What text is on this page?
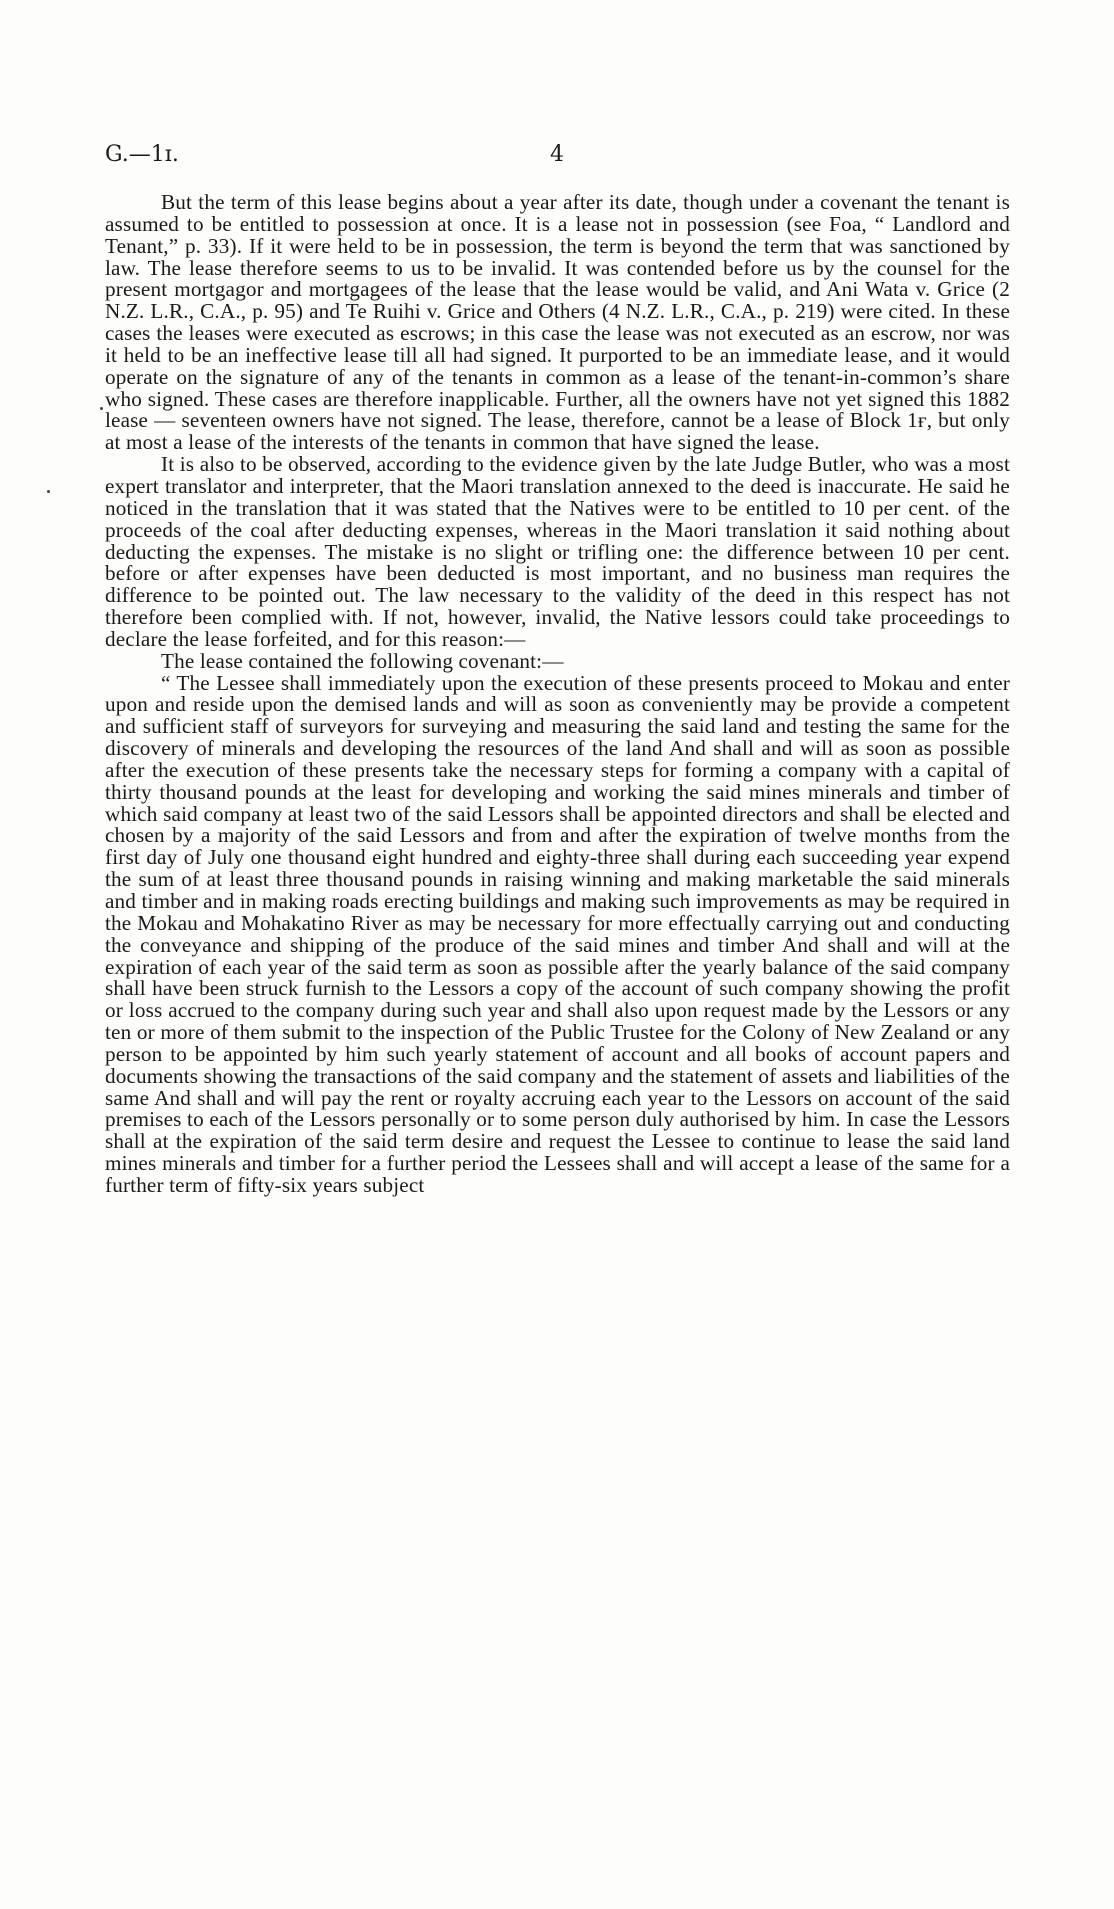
G.—1ɪ.	4

But the term of this lease begins about a year after its date, though under a covenant the tenant is assumed to be entitled to possession at once. It is a lease not in possession (see Foa, “ Landlord and Tenant,” p. 33). If it were held to be in possession, the term is beyond the term that was sanctioned by law. The lease therefore seems to us to be invalid. It was contended before us by the counsel for the present mortgagor and mortgagees of the lease that the lease would be valid, and Ani Wata v. Grice (2 N.Z. L.R., C.A., p. 95) and Te Ruihi v. Grice and Others (4 N.Z. L.R., C.A., p. 219) were cited. In these cases the leases were executed as escrows; in this case the lease was not executed as an escrow, nor was it held to be an ineffective lease till all had signed. It purported to be an immediate lease, and it would operate on the signature of any of the tenants in common as a lease of the tenant-in-common’s share who signed. These cases are therefore inapplicable. Further, all the owners have not yet signed this 1882 lease — seventeen owners have not signed. The lease, therefore, cannot be a lease of Block 1ғ, but only at most a lease of the interests of the tenants in common that have signed the lease.

It is also to be observed, according to the evidence given by the late Judge Butler, who was a most expert translator and interpreter, that the Maori translation annexed to the deed is inaccurate. He said he noticed in the translation that it was stated that the Natives were to be entitled to 10 per cent. of the proceeds of the coal after deducting expenses, whereas in the Maori translation it said nothing about deducting the expenses. The mistake is no slight or trifling one: the difference between 10 per cent. before or after expenses have been deducted is most important, and no business man requires the difference to be pointed out. The law necessary to the validity of the deed in this respect has not therefore been complied with. If not, however, invalid, the Native lessors could take proceedings to declare the lease forfeited, and for this reason:—

The lease contained the following covenant:—

“ The Lessee shall immediately upon the execution of these presents proceed to Mokau and enter upon and reside upon the demised lands and will as soon as conveniently may be provide a competent and sufficient staff of surveyors for surveying and measuring the said land and testing the same for the discovery of minerals and developing the resources of the land And shall and will as soon as possible after the execution of these presents take the necessary steps for forming a company with a capital of thirty thousand pounds at the least for developing and working the said mines minerals and timber of which said company at least two of the said Lessors shall be appointed directors and shall be elected and chosen by a majority of the said Lessors and from and after the expiration of twelve months from the first day of July one thousand eight hundred and eighty-three shall during each succeeding year expend the sum of at least three thousand pounds in raising winning and making marketable the said minerals and timber and in making roads erecting buildings and making such improvements as may be required in the Mokau and Mohakatino River as may be necessary for more effectually carrying out and conducting the conveyance and shipping of the produce of the said mines and timber And shall and will at the expiration of each year of the said term as soon as possible after the yearly balance of the said company shall have been struck furnish to the Lessors a copy of the account of such company showing the profit or loss accrued to the company during such year and shall also upon request made by the Lessors or any ten or more of them submit to the inspection of the Public Trustee for the Colony of New Zealand or any person to be appointed by him such yearly statement of account and all books of account papers and documents showing the transactions of the said company and the statement of assets and liabilities of the same And shall and will pay the rent or royalty accruing each year to the Lessors on account of the said premises to each of the Lessors personally or to some person duly authorised by him. In case the Lessors shall at the expiration of the said term desire and request the Lessee to continue to lease the said land mines minerals and timber for a further period the Lessees shall and will accept a lease of the same for a further term of fifty-six years subject
